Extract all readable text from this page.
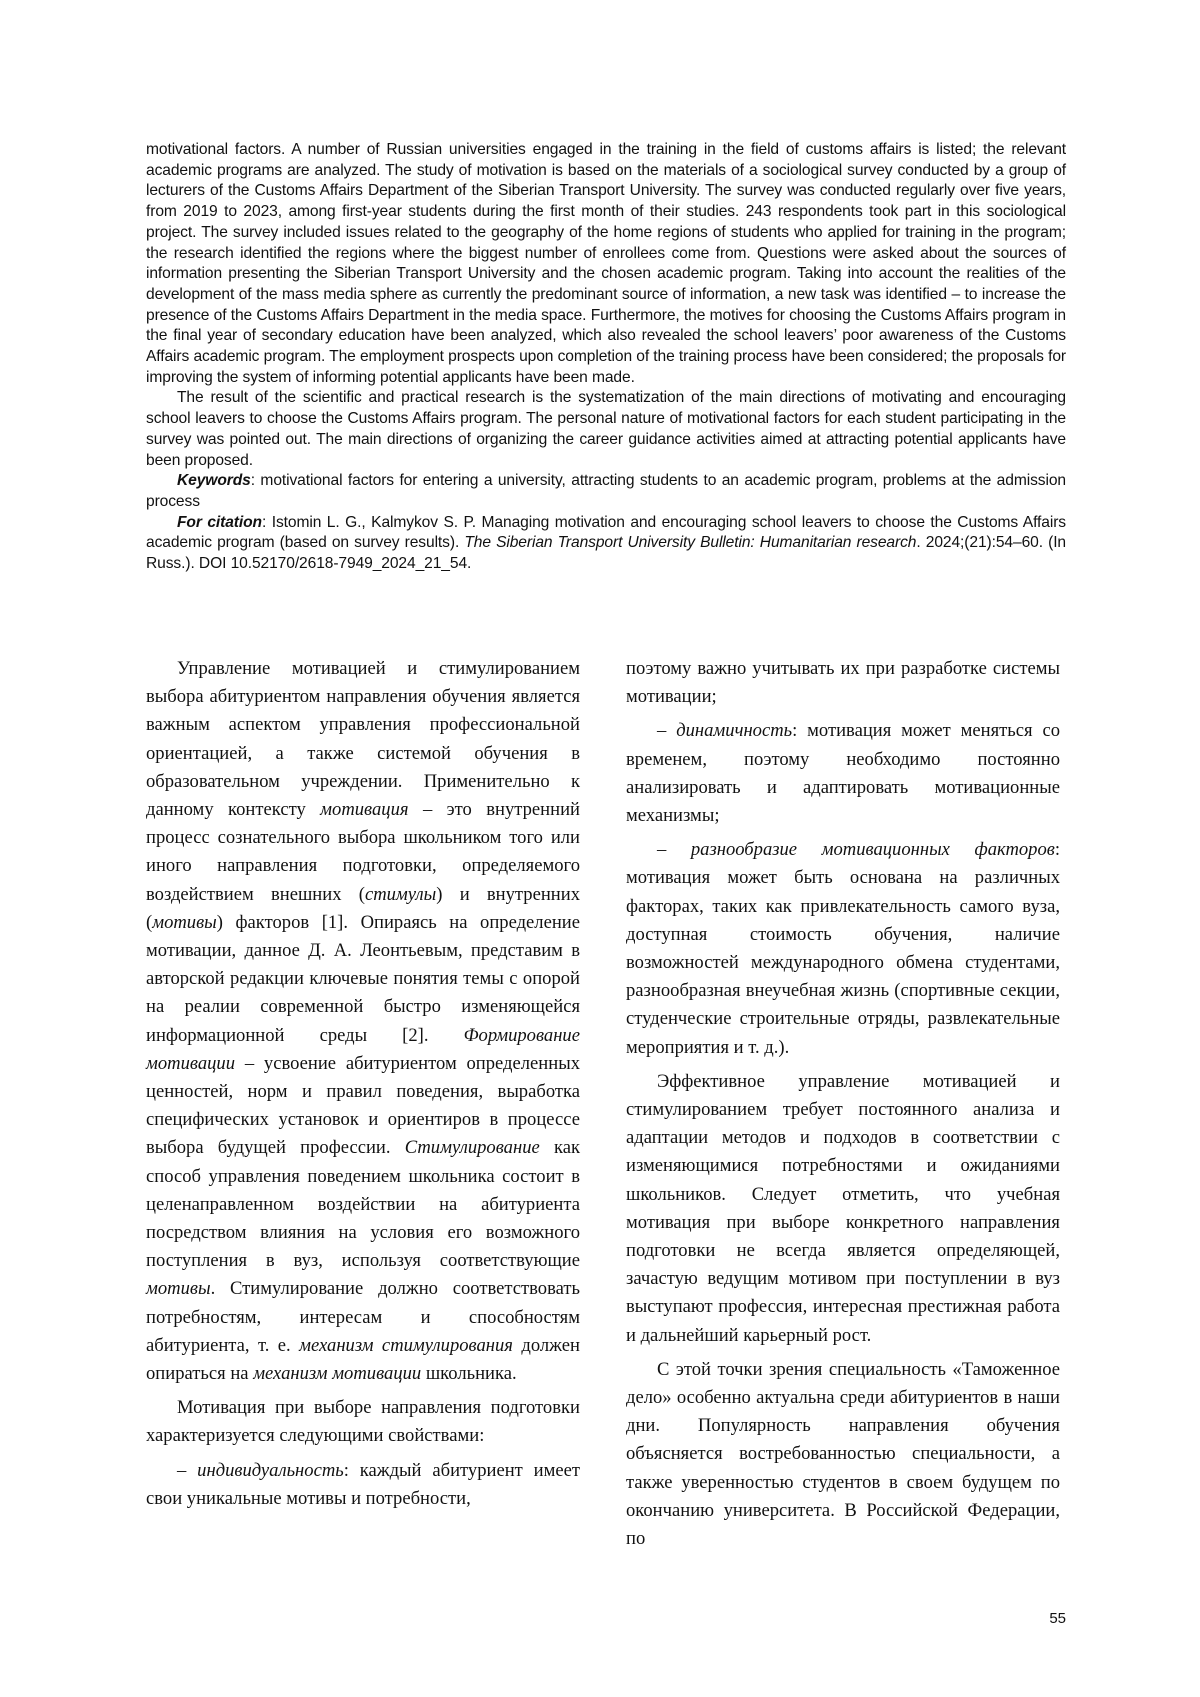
motivational factors. A number of Russian universities engaged in the training in the field of customs affairs is listed; the relevant academic programs are analyzed. The study of motivation is based on the materials of a sociological survey conducted by a group of lecturers of the Customs Affairs Department of the Siberian Transport University. The survey was conducted regularly over five years, from 2019 to 2023, among first-year students during the first month of their studies. 243 respondents took part in this sociological project. The survey included issues related to the geography of the home regions of students who applied for training in the program; the research identified the regions where the biggest number of enrollees come from. Questions were asked about the sources of information presenting the Siberian Transport University and the chosen academic program. Taking into account the realities of the development of the mass media sphere as currently the predominant source of information, a new task was identified – to increase the presence of the Customs Affairs Department in the media space. Furthermore, the motives for choosing the Customs Affairs program in the final year of secondary education have been analyzed, which also revealed the school leavers’ poor awareness of the Customs Affairs academic program. The employment prospects upon completion of the training process have been considered; the proposals for improving the system of informing potential applicants have been made.

The result of the scientific and practical research is the systematization of the main directions of motivating and encouraging school leavers to choose the Customs Affairs program. The personal nature of motivational factors for each student participating in the survey was pointed out. The main directions of organizing the career guidance activities aimed at attracting potential applicants have been proposed.

Keywords: motivational factors for entering a university, attracting students to an academic program, problems at the admission process

For citation: Istomin L. G., Kalmykov S. P. Managing motivation and encouraging school leavers to choose the Customs Affairs academic program (based on survey results). The Siberian Transport University Bulletin: Humanitarian research. 2024;(21):54–60. (In Russ.). DOI 10.52170/2618-7949_2024_21_54.

Управление мотивацией и стимулированием выбора абитуриентом направления обучения является важным аспектом управления профессиональной ориентацией, а также системой обучения в образовательном учреждении. Применительно к данному контексту мотивация – это внутренний процесс сознательного выбора школьником того или иного направления подготовки, определяемого воздействием внешних (стимулы) и внутренних (мотивы) факторов [1]. Опираясь на определение мотивации, данное Д. А. Леонтьевым, представим в авторской редакции ключевые понятия темы с опорой на реалии современной быстро изменяющейся информационной среды [2]. Формирование мотивации – усвоение абитуриентом определенных ценностей, норм и правил поведения, выработка специфических установок и ориентиров в процессе выбора будущей профессии. Стимулирование как способ управления поведением школьника состоит в целенаправленном воздействии на абитуриента посредством влияния на условия его возможного поступления в вуз, используя соответствующие мотивы. Стимулирование должно соответствовать потребностям, интересам и способностям абитуриента, т. е. механизм стимулирования должен опираться на механизм мотивации школьника.

Мотивация при выборе направления подготовки характеризуется следующими свойствами:

– индивидуальность: каждый абитуриент имеет свои уникальные мотивы и потребности,

поэтому важно учитывать их при разработке системы мотивации;

– динамичность: мотивация может меняться со временем, поэтому необходимо постоянно анализировать и адаптировать мотивационные механизмы;

– разнообразие мотивационных факторов: мотивация может быть основана на различных факторах, таких как привлекательность самого вуза, доступная стоимость обучения, наличие возможностей международного обмена студентами, разнообразная внеучебная жизнь (спортивные секции, студенческие строительные отряды, развлекательные мероприятия и т. д.).

Эффективное управление мотивацией и стимулированием требует постоянного анализа и адаптации методов и подходов в соответствии с изменяющимися потребностями и ожиданиями школьников. Следует отметить, что учебная мотивация при выборе конкретного направления подготовки не всегда является определяющей, зачастую ведущим мотивом при поступлении в вуз выступают профессия, интересная престижная работа и дальнейший карьерный рост.

С этой точки зрения специальность «Таможенное дело» особенно актуальна среди абитуриентов в наши дни. Популярность направления обучения объясняется востребованностью специальности, а также уверенностью студентов в своем будущем по окончанию университета. В Российской Федерации, по

55
